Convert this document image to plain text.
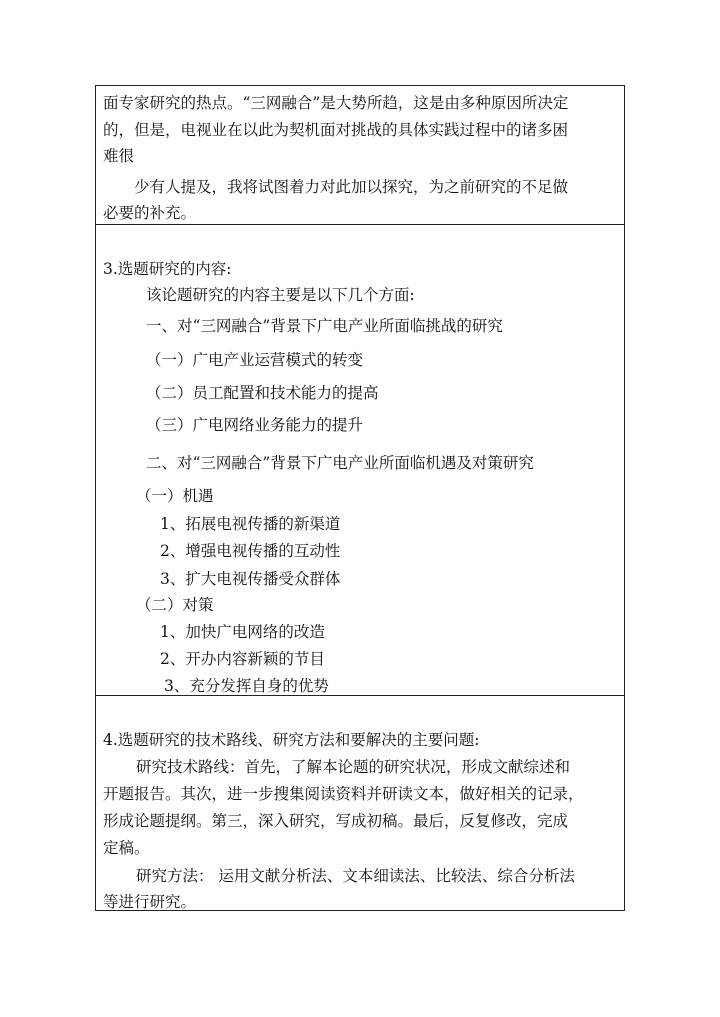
面专家研究的热点。“三网融合”是大势所趋，这是由多种原因所决定
的，但是，电视业在以此为契机面对挑战的具体实践过程中的诸多困
难很
少有人提及，我将试图着力对此加以探究，为之前研究的不足做
必要的补充。
3.选题研究的内容:
该论题研究的内容主要是以下几个方面:
一、对“三网融合”背景下广电产业所面临挑战的研究
（一）广电产业运营模式的转变
（二）员工配置和技术能力的提高
（三）广电网络业务能力的提升
二、对“三网融合”背景下广电产业所面临机遇及对策研究
（一）机遇
1、拓展电视传播的新渠道
2、增强电视传播的互动性
3、扩大电视传播受众群体
（二）对策
1、加快广电网络的改造
2、开办内容新颖的节目
3、充分发挥自身的优势
4.选题研究的技术路线、研究方法和要解决的主要问题:
研究技术路线：首先，了解本论题的研究状况，形成文献综述和
开题报告。其次，进一步搜集阅读资料并研读文本，做好相关的记录，
形成论题提纲。第三，深入研究，写成初稿。最后，反复修改，完成
定稿。
研究方法： 运用文献分析法、文本细读法、比较法、综合分析法
等进行研究。
